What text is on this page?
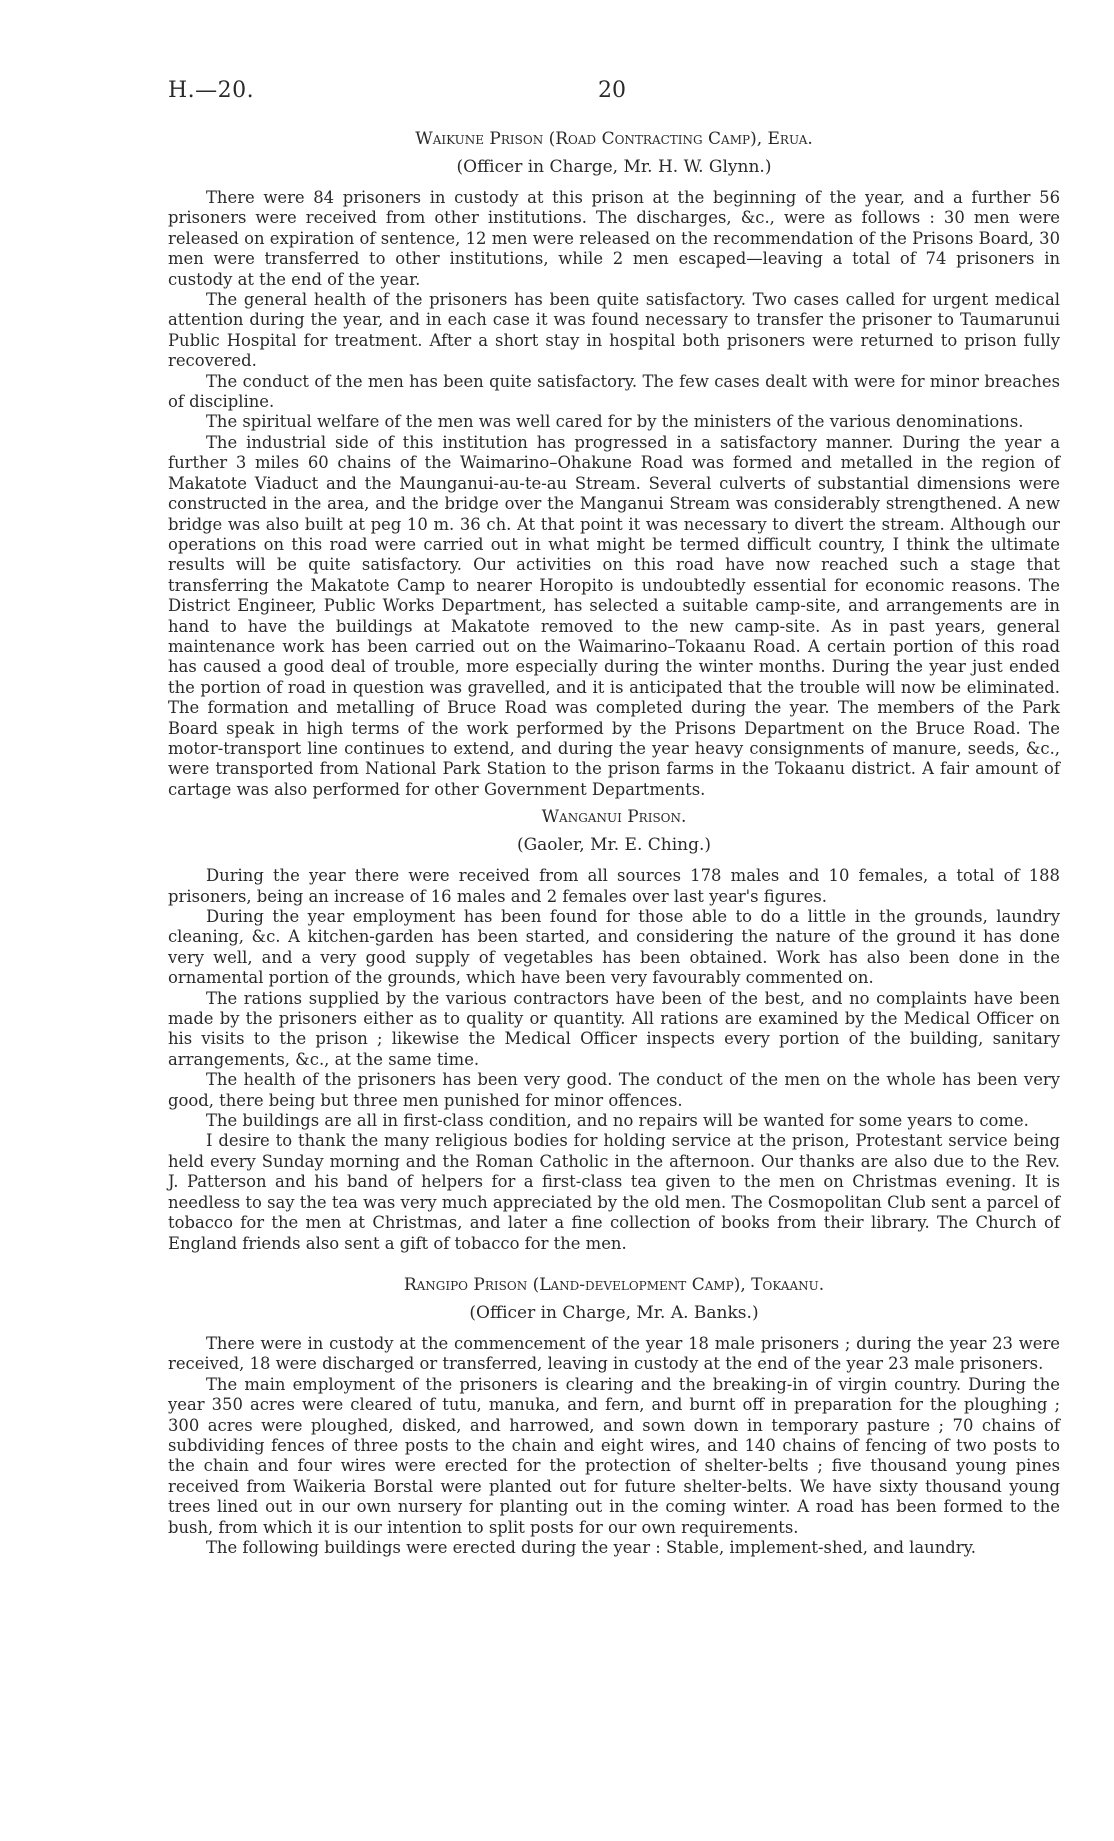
H.—20.	20
Waikune Prison (Road Contracting Camp), Erua.
(Officer in Charge, Mr. H. W. Glynn.)

There were 84 prisoners in custody at this prison at the beginning of the year, and a further 56 prisoners were received from other institutions. The discharges, &c., were as follows : 30 men were released on expiration of sentence, 12 men were released on the recommendation of the Prisons Board, 30 men were transferred to other institutions, while 2 men escaped—leaving a total of 74 prisoners in custody at the end of the year.

The general health of the prisoners has been quite satisfactory. Two cases called for urgent medical attention during the year, and in each case it was found necessary to transfer the prisoner to Taumarunui Public Hospital for treatment. After a short stay in hospital both prisoners were returned to prison fully recovered.

The conduct of the men has been quite satisfactory. The few cases dealt with were for minor breaches of discipline.

The spiritual welfare of the men was well cared for by the ministers of the various denominations.

The industrial side of this institution has progressed in a satisfactory manner. During the year a further 3 miles 60 chains of the Waimarino–Ohakune Road was formed and metalled in the region of Makatote Viaduct and the Maunganui-au-te-au Stream. Several culverts of substantial dimensions were constructed in the area, and the bridge over the Manganui Stream was considerably strengthened. A new bridge was also built at peg 10 m. 36 ch. At that point it was necessary to divert the stream. Although our operations on this road were carried out in what might be termed difficult country, I think the ultimate results will be quite satisfactory. Our activities on this road have now reached such a stage that transferring the Makatote Camp to nearer Horopito is undoubtedly essential for economic reasons. The District Engineer, Public Works Department, has selected a suitable camp-site, and arrangements are in hand to have the buildings at Makatote removed to the new camp-site. As in past years, general maintenance work has been carried out on the Waimarino–Tokaanu Road. A certain portion of this road has caused a good deal of trouble, more especially during the winter months. During the year just ended the portion of road in question was gravelled, and it is anticipated that the trouble will now be eliminated. The formation and metalling of Bruce Road was completed during the year. The members of the Park Board speak in high terms of the work performed by the Prisons Department on the Bruce Road. The motor-transport line continues to extend, and during the year heavy consignments of manure, seeds, &c., were transported from National Park Station to the prison farms in the Tokaanu district. A fair amount of cartage was also performed for other Government Departments.

Wanganui Prison.
(Gaoler, Mr. E. Ching.)

During the year there were received from all sources 178 males and 10 females, a total of 188 prisoners, being an increase of 16 males and 2 females over last year's figures.

During the year employment has been found for those able to do a little in the grounds, laundry cleaning, &c. A kitchen-garden has been started, and considering the nature of the ground it has done very well, and a very good supply of vegetables has been obtained. Work has also been done in the ornamental portion of the grounds, which have been very favourably commented on.

The rations supplied by the various contractors have been of the best, and no complaints have been made by the prisoners either as to quality or quantity. All rations are examined by the Medical Officer on his visits to the prison ; likewise the Medical Officer inspects every portion of the building, sanitary arrangements, &c., at the same time.

The health of the prisoners has been very good. The conduct of the men on the whole has been very good, there being but three men punished for minor offences.

The buildings are all in first-class condition, and no repairs will be wanted for some years to come.

I desire to thank the many religious bodies for holding service at the prison, Protestant service being held every Sunday morning and the Roman Catholic in the afternoon. Our thanks are also due to the Rev. J. Patterson and his band of helpers for a first-class tea given to the men on Christmas evening. It is needless to say the tea was very much appreciated by the old men. The Cosmopolitan Club sent a parcel of tobacco for the men at Christmas, and later a fine collection of books from their library. The Church of England friends also sent a gift of tobacco for the men.

Rangipo Prison (Land-development Camp), Tokaanu.
(Officer in Charge, Mr. A. Banks.)

There were in custody at the commencement of the year 18 male prisoners ; during the year 23 were received, 18 were discharged or transferred, leaving in custody at the end of the year 23 male prisoners.

The main employment of the prisoners is clearing and the breaking-in of virgin country. During the year 350 acres were cleared of tutu, manuka, and fern, and burnt off in preparation for the ploughing ; 300 acres were ploughed, disked, and harrowed, and sown down in temporary pasture ; 70 chains of subdividing fences of three posts to the chain and eight wires, and 140 chains of fencing of two posts to the chain and four wires were erected for the protection of shelter-belts ; five thousand young pines received from Waikeria Borstal were planted out for future shelter-belts. We have sixty thousand young trees lined out in our own nursery for planting out in the coming winter. A road has been formed to the bush, from which it is our intention to split posts for our own requirements.

The following buildings were erected during the year : Stable, implement-shed, and laundry.
